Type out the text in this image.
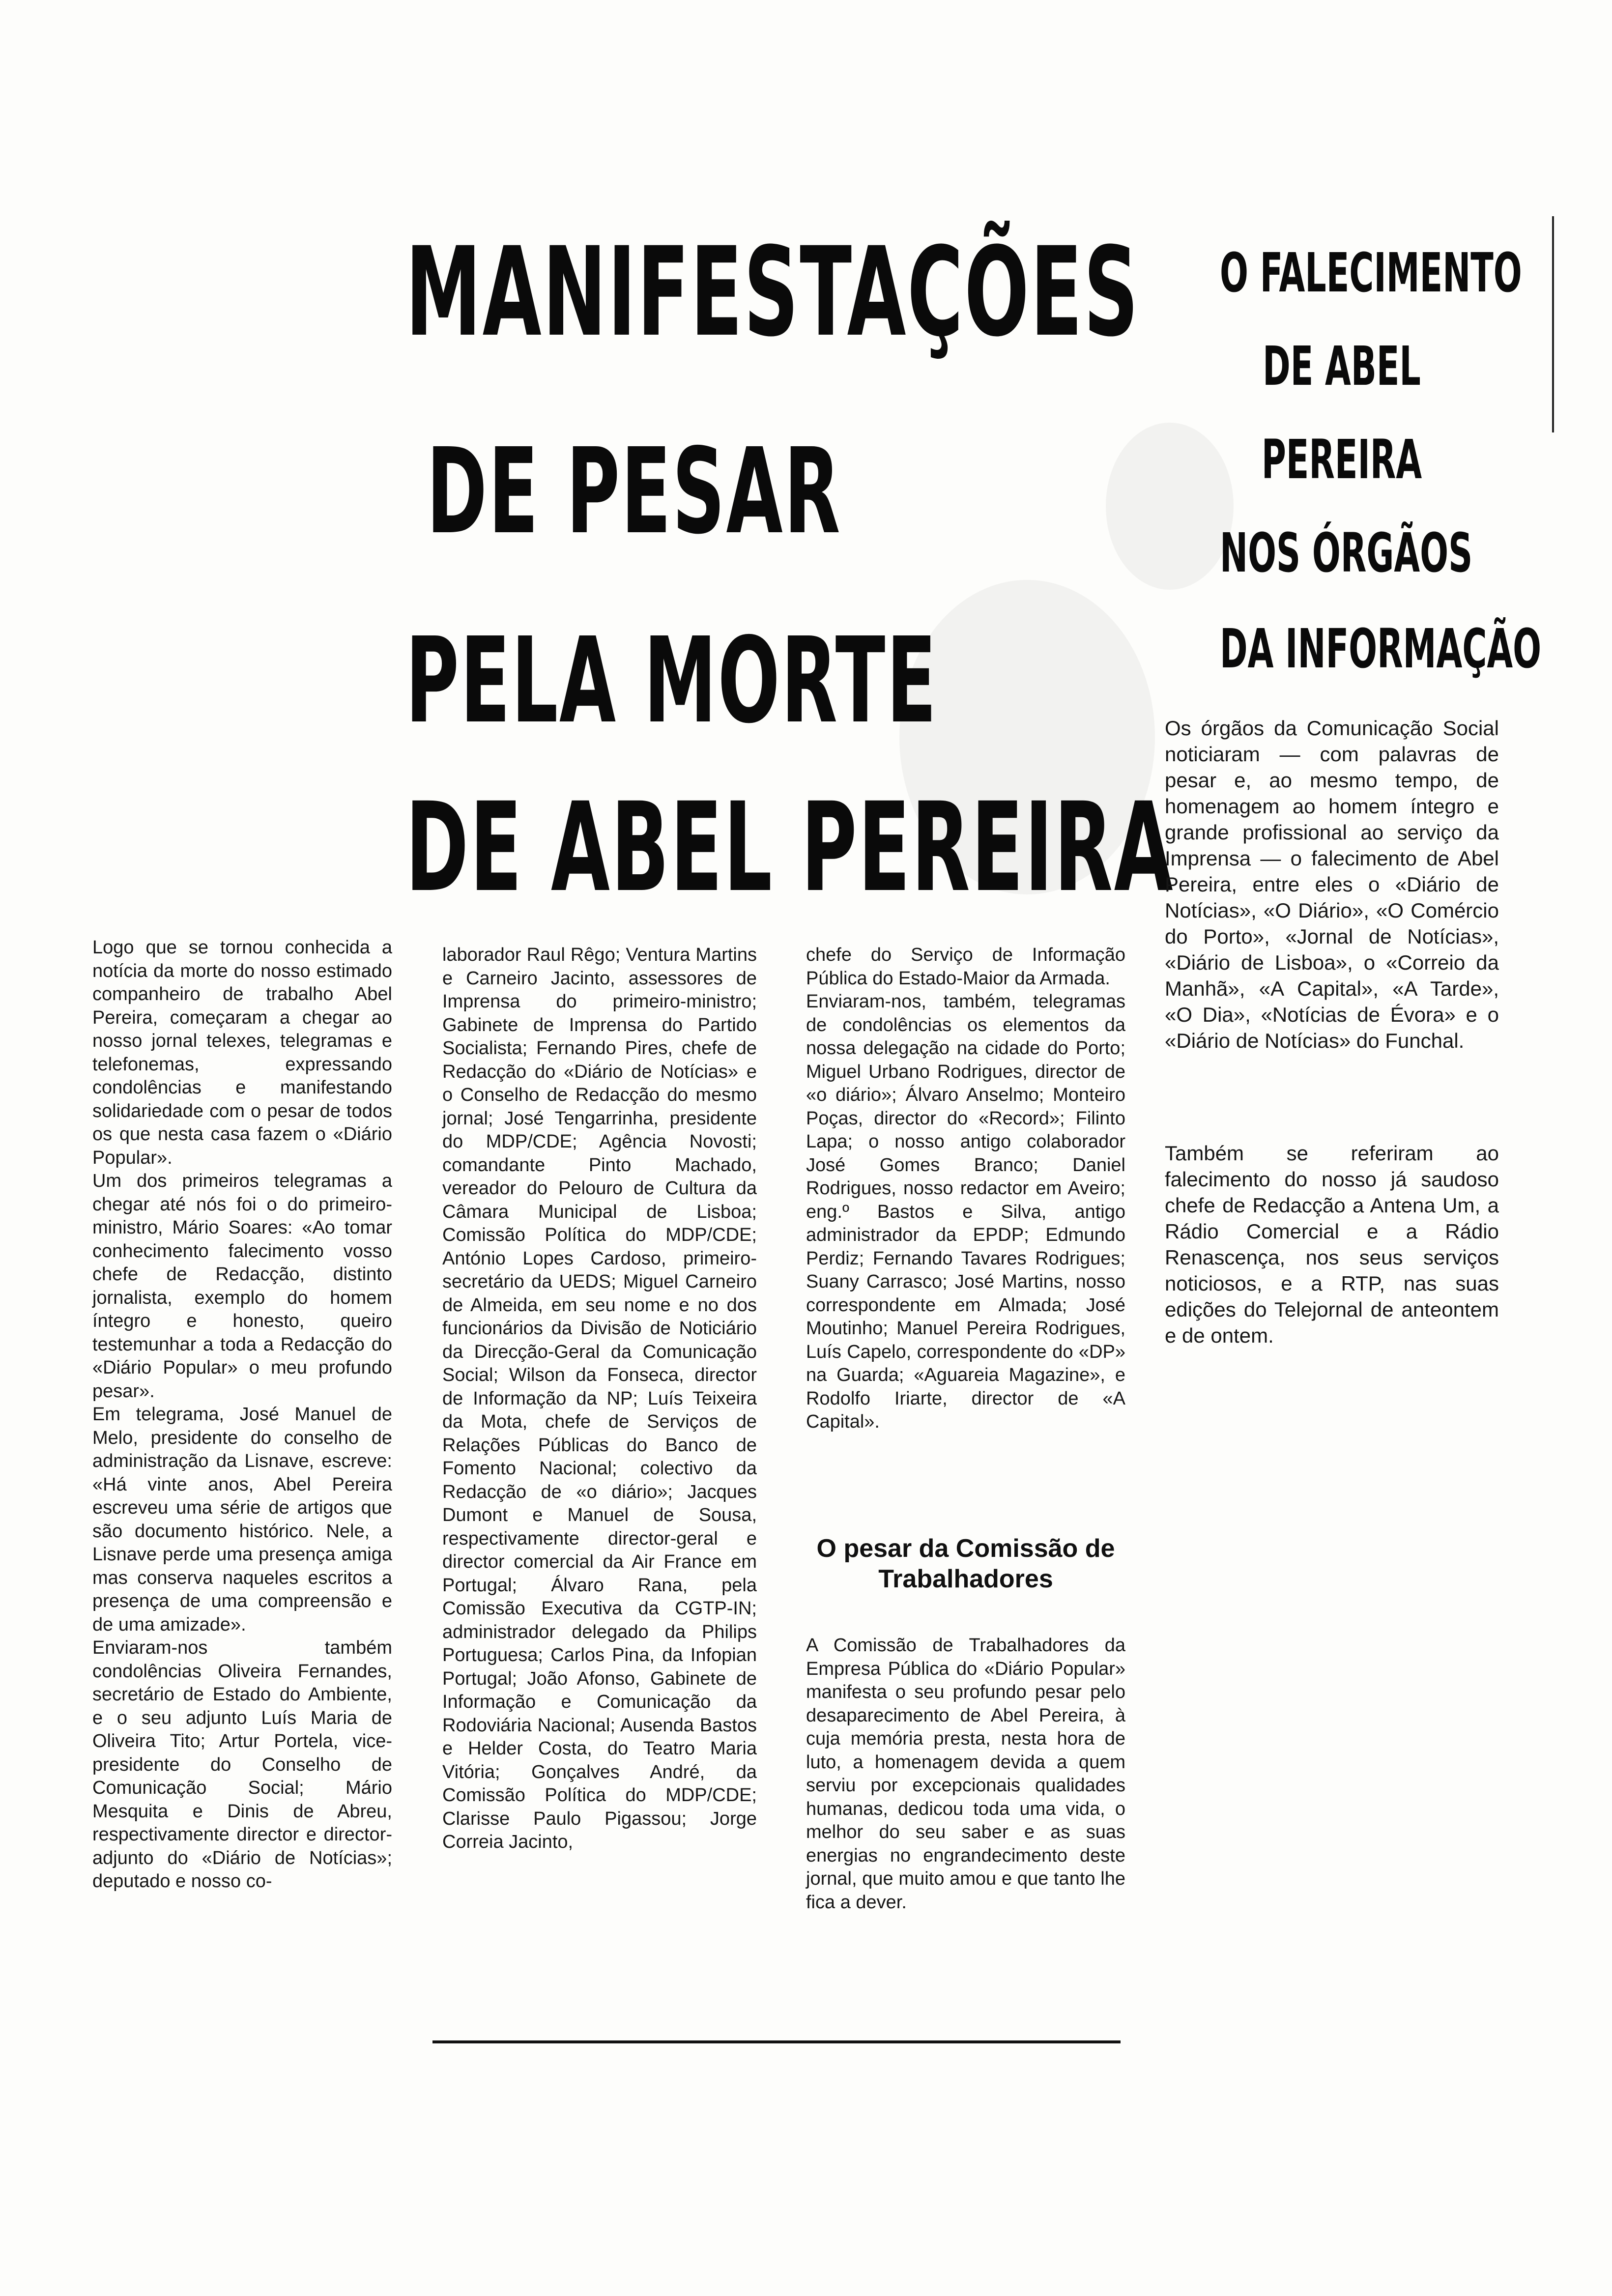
MANIFESTAÇÕES
DE PESAR
PELA MORTE
DE ABEL PEREIRA
O FALECIMENTO
DE ABEL
PEREIRA
NOS ÓRGÃOS
DA INFORMAÇÃO

Logo que se tornou conhecida a notícia da morte do nosso estimado companheiro de trabalho Abel Pereira, começaram a chegar ao nosso jornal telexes, telegramas e telefonemas, expressando condolências e manifestando solidariedade com o pesar de todos os que nesta casa fazem o «Diário Popular».
Um dos primeiros telegramas a chegar até nós foi o do primeiro-ministro, Mário Soares: «Ao tomar conhecimento falecimento vosso chefe de Redacção, distinto jornalista, exemplo do homem íntegro e honesto, queiro testemunhar a toda a Redacção do «Diário Popular» o meu profundo pesar».
Em telegrama, José Manuel de Melo, presidente do conselho de administração da Lisnave, escreve: «Há vinte anos, Abel Pereira escreveu uma série de artigos que são documento histórico. Nele, a Lisnave perde uma presença amiga mas conserva naqueles escritos a presença de uma compreensão e de uma amizade».
Enviaram-nos também condolências Oliveira Fernandes, secretário de Estado do Ambiente, e o seu adjunto Luís Maria de Oliveira Tito; Artur Portela, vice-presidente do Conselho de Comunicação Social; Mário Mesquita e Dinis de Abreu, respectivamente director e director-adjunto do «Diário de Notícias»; deputado e nosso co-

laborador Raul Rêgo; Ventura Martins e Carneiro Jacinto, assessores de Imprensa do primeiro-ministro; Gabinete de Imprensa do Partido Socialista; Fernando Pires, chefe de Redacção do «Diário de Notícias» e o Conselho de Redacção do mesmo jornal; José Tengarrinha, presidente do MDP/CDE; Agência Novosti; comandante Pinto Machado, vereador do Pelouro de Cultura da Câmara Municipal de Lisboa; Comissão Política do MDP/CDE; António Lopes Cardoso, primeiro-secretário da UEDS; Miguel Carneiro de Almeida, em seu nome e no dos funcionários da Divisão de Noticiário da Direcção-Geral da Comunicação Social; Wilson da Fonseca, director de Informação da NP; Luís Teixeira da Mota, chefe de Serviços de Relações Públicas do Banco de Fomento Nacional; colectivo da Redacção de «o diário»; Jacques Dumont e Manuel de Sousa, respectivamente director-geral e director comercial da Air France em Portugal; Álvaro Rana, pela Comissão Executiva da CGTP-IN; administrador delegado da Philips Portuguesa; Carlos Pina, da Infopian Portugal; João Afonso, Gabinete de Informação e Comunicação da Rodoviária Nacional; Ausenda Bastos e Helder Costa, do Teatro Maria Vitória; Gonçalves André, da Comissão Política do MDP/CDE; Clarisse Paulo Pigassou; Jorge Correia Jacinto,

chefe do Serviço de Informação Pública do Estado-Maior da Armada.
Enviaram-nos, também, telegramas de condolências os elementos da nossa delegação na cidade do Porto; Miguel Urbano Rodrigues, director de «o diário»; Álvaro Anselmo; Monteiro Poças, director do «Record»; Filinto Lapa; o nosso antigo colaborador José Gomes Branco; Daniel Rodrigues, nosso redactor em Aveiro; eng.º Bastos e Silva, antigo administrador da EPDP; Edmundo Perdiz; Fernando Tavares Rodrigues; Suany Carrasco; José Martins, nosso correspondente em Almada; José Moutinho; Manuel Pereira Rodrigues, Luís Capelo, correspondente do «DP» na Guarda; «Aguareia Magazine», e Rodolfo Iriarte, director de «A Capital».

O pesar da Comissão de Trabalhadores

A Comissão de Trabalhadores da Empresa Pública do «Diário Popular» manifesta o seu profundo pesar pelo desaparecimento de Abel Pereira, à cuja memória presta, nesta hora de luto, a homenagem devida a quem serviu por excepcionais qualidades humanas, dedicou toda uma vida, o melhor do seu saber e as suas energias no engrandecimento deste jornal, que muito amou e que tanto lhe fica a dever.

Os órgãos da Comunicação Social noticiaram — com palavras de pesar e, ao mesmo tempo, de homenagem ao homem íntegro e grande profissional ao serviço da Imprensa — o falecimento de Abel Pereira, entre eles o «Diário de Notícias», «O Diário», «O Comércio do Porto», «Jornal de Notícias», «Diário de Lisboa», o «Correio da Manhã», «A Capital», «A Tarde», «O Dia», «Notícias de Évora» e o «Diário de Notícias» do Funchal.

Também se referiram ao falecimento do nosso já saudoso chefe de Redacção a Antena Um, a Rádio Comercial e a Rádio Renascença, nos seus serviços noticiosos, e a RTP, nas suas edições do Telejornal de anteontem e de ontem.
